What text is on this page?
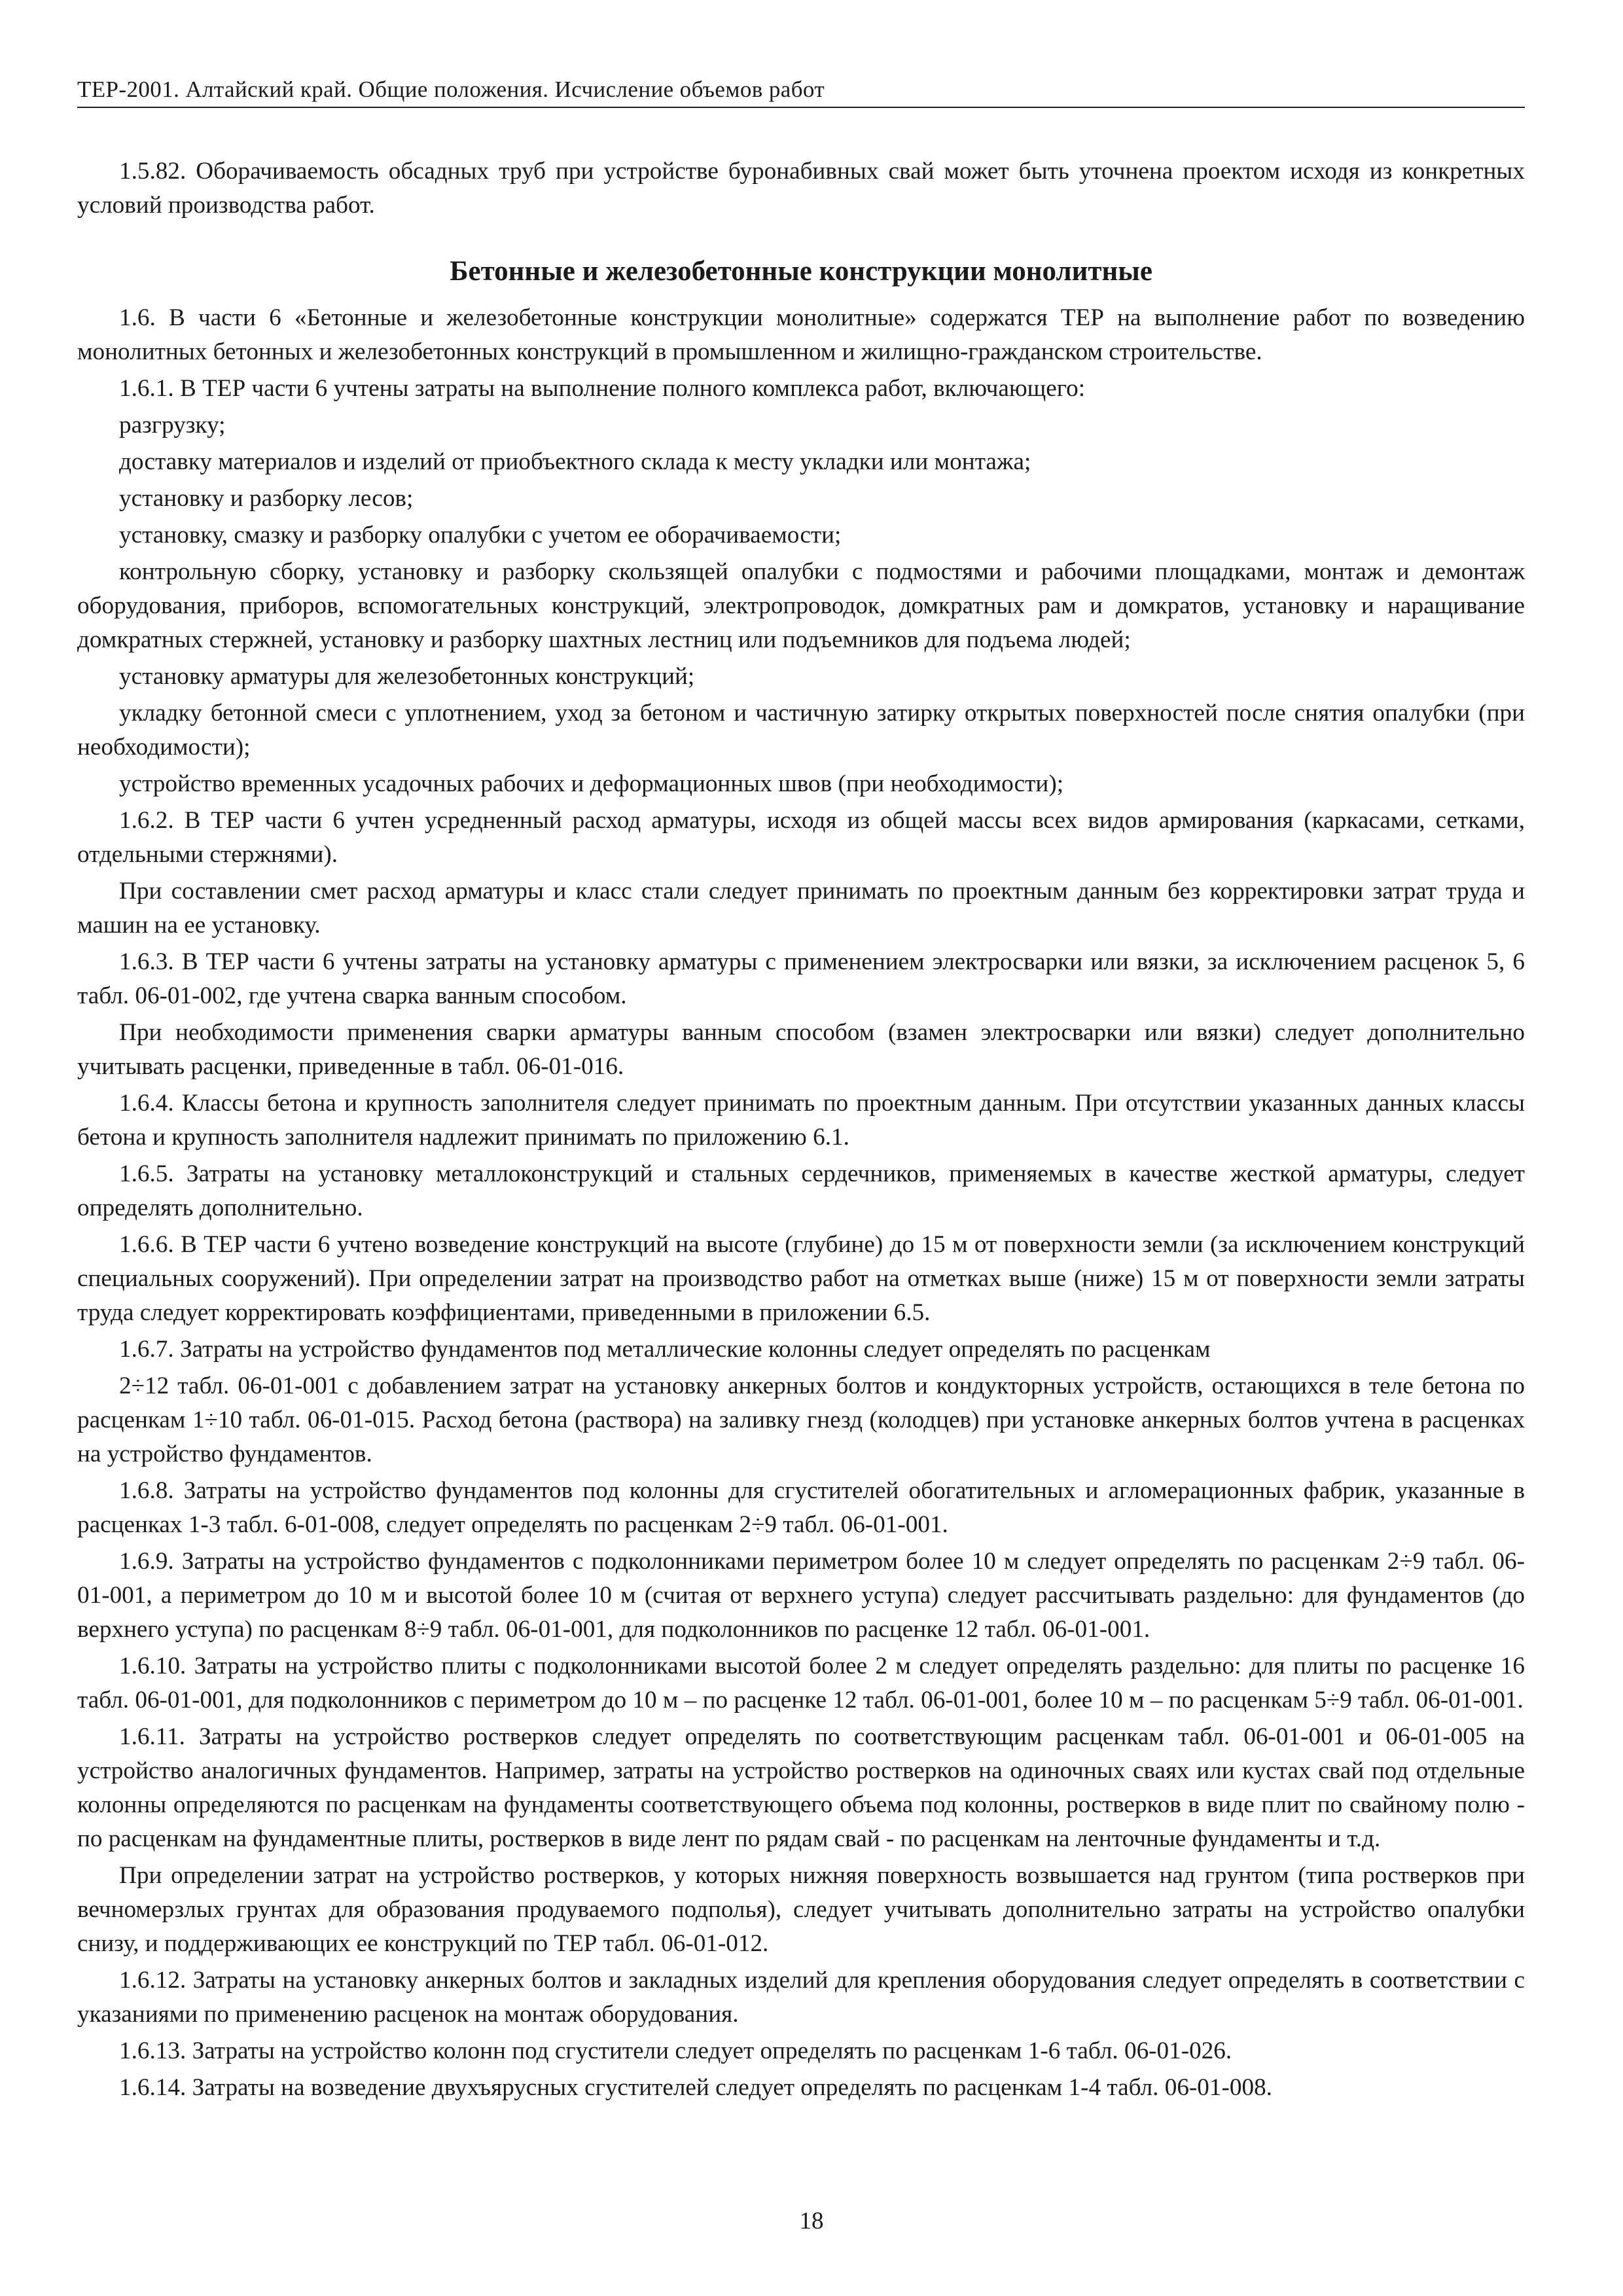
ТЕР-2001. Алтайский край. Общие положения. Исчисление объемов работ

1.5.82. Оборачиваемость обсадных труб при устройстве буронабивных свай может быть уточнена проектом исходя из конкретных условий производства работ.

Бетонные и железобетонные конструкции монолитные

1.6. В части 6 «Бетонные и железобетонные конструкции монолитные» содержатся ТЕР на выполнение работ по возведению монолитных бетонных и железобетонных конструкций в промышленном и жилищно-гражданском строительстве.

1.6.1. В ТЕР части 6 учтены затраты на выполнение полного комплекса работ, включающего:

разгрузку;

доставку материалов и изделий от приобъектного склада к месту укладки или монтажа;

установку и разборку лесов;

установку, смазку и разборку опалубки с учетом ее оборачиваемости;

контрольную сборку, установку и разборку скользящей опалубки с подмостями и рабочими площадками, монтаж и демонтаж оборудования, приборов, вспомогательных конструкций, электропроводок, домкратных рам и домкратов, установку и наращивание домкратных стержней, установку и разборку шахтных лестниц или подъемников для подъема людей;

установку арматуры для железобетонных конструкций;

укладку бетонной смеси с уплотнением, уход за бетоном и частичную затирку открытых поверхностей после снятия опалубки (при необходимости);

устройство временных усадочных рабочих и деформационных швов (при необходимости);

1.6.2. В ТЕР части 6 учтен усредненный расход арматуры, исходя из общей массы всех видов армирования (каркасами, сетками, отдельными стержнями).

При составлении смет расход арматуры и класс стали следует принимать по проектным данным без корректировки затрат труда и машин на ее установку.

1.6.3. В ТЕР части 6 учтены затраты на установку арматуры с применением электросварки или вязки, за исключением расценок 5, 6 табл. 06-01-002, где учтена сварка ванным способом.

При необходимости применения сварки арматуры ванным способом (взамен электросварки или вязки) следует дополнительно учитывать расценки, приведенные в табл. 06-01-016.

1.6.4. Классы бетона и крупность заполнителя следует принимать по проектным данным. При отсутствии указанных данных классы бетона и крупность заполнителя надлежит принимать по приложению 6.1.

1.6.5. Затраты на установку металлоконструкций и стальных сердечников, применяемых в качестве жесткой арматуры, следует определять дополнительно.

1.6.6. В ТЕР части 6 учтено возведение конструкций на высоте (глубине) до 15 м от поверхности земли (за исключением конструкций специальных сооружений). При определении затрат на производство работ на отметках выше (ниже) 15 м от поверхности земли затраты труда следует корректировать коэффициентами, приведенными в приложении 6.5.

1.6.7. Затраты на устройство фундаментов под металлические колонны следует определять по расценкам

2÷12 табл. 06-01-001 с добавлением затрат на установку анкерных болтов и кондукторных устройств, остающихся в теле бетона по расценкам 1÷10 табл. 06-01-015. Расход бетона (раствора) на заливку гнезд (колодцев) при установке анкерных болтов учтена в расценках на устройство фундаментов.

1.6.8. Затраты на устройство фундаментов под колонны для сгустителей обогатительных и агломерационных фабрик, указанные в расценках 1-3 табл. 6-01-008, следует определять по расценкам 2÷9 табл. 06-01-001.

1.6.9. Затраты на устройство фундаментов с подколонниками периметром более 10 м следует определять по расценкам 2÷9 табл. 06-01-001, а периметром до 10 м и высотой более 10 м (считая от верхнего уступа) следует рассчитывать раздельно: для фундаментов (до верхнего уступа) по расценкам 8÷9 табл. 06-01-001, для подколонников по расценке 12 табл. 06-01-001.

1.6.10. Затраты на устройство плиты с подколонниками высотой более 2 м следует определять раздельно: для плиты по расценке 16 табл. 06-01-001, для подколонников с периметром до 10 м – по расценке 12 табл. 06-01-001, более 10 м – по расценкам 5÷9 табл. 06-01-001.

1.6.11. Затраты на устройство ростверков следует определять по соответствующим расценкам табл. 06-01-001 и 06-01-005 на устройство аналогичных фундаментов. Например, затраты на устройство ростверков на одиночных сваях или кустах свай под отдельные колонны определяются по расценкам на фундаменты соответствующего объема под колонны, ростверков в виде плит по свайному полю - по расценкам на фундаментные плиты, ростверков в виде лент по рядам свай - по расценкам на ленточные фундаменты и т.д.

При определении затрат на устройство ростверков, у которых нижняя поверхность возвышается над грунтом (типа ростверков при вечномерзлых грунтах для образования продуваемого подполья), следует учитывать дополнительно затраты на устройство опалубки снизу, и поддерживающих ее конструкций по ТЕР табл. 06-01-012.

1.6.12. Затраты на установку анкерных болтов и закладных изделий для крепления оборудования следует определять в соответствии с указаниями по применению расценок на монтаж оборудования.

1.6.13. Затраты на устройство колонн под сгустители следует определять по расценкам 1-6 табл. 06-01-026.

1.6.14. Затраты на возведение двухъярусных сгустителей следует определять по расценкам 1-4 табл. 06-01-008.

18
